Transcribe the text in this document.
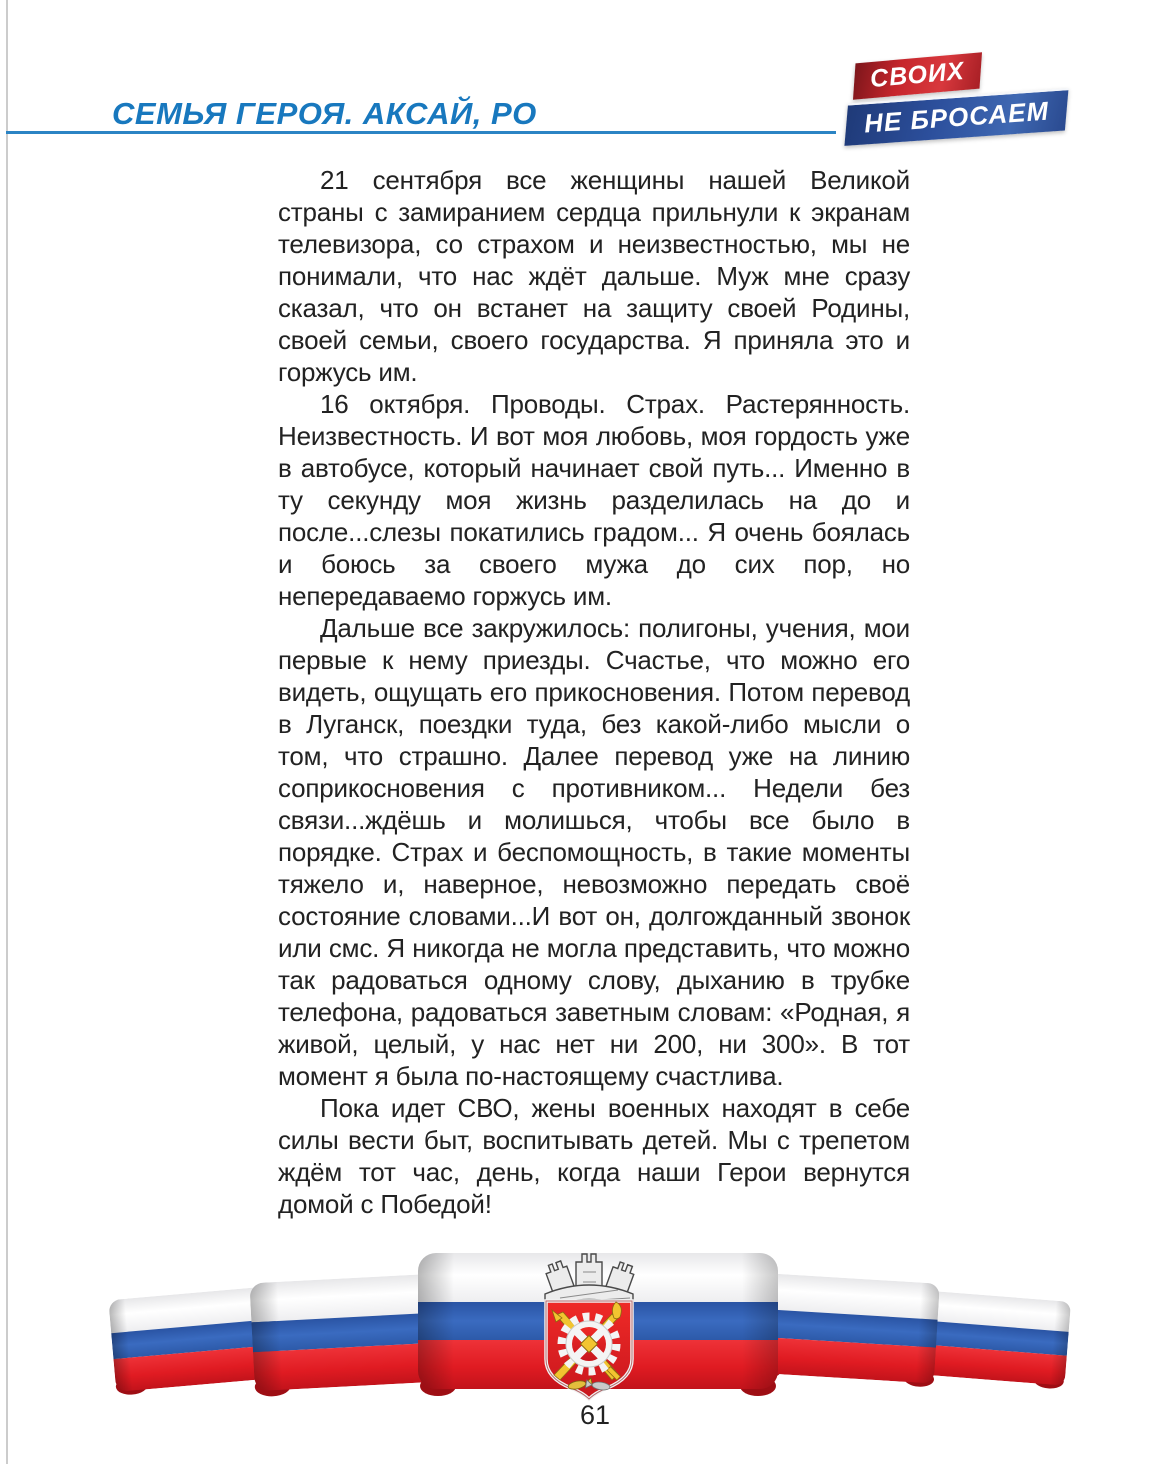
СЕМЬЯ ГЕРОЯ. АКСАЙ, РО
СВОИХ
НЕ БРОСАЕМ

21 сентября все женщины нашей Великой страны с замиранием сердца прильнули к экранам телевизора, со страхом и неизвестностью, мы не понимали, что нас ждёт дальше. Муж мне сразу сказал, что он встанет на защиту своей Родины, своей семьи, своего государства. Я приняла это и горжусь им.

16 октября. Проводы. Страх. Растерянность. Неизвестность. И вот моя любовь, моя гордость уже в автобусе, который начинает свой путь... Именно в ту секунду моя жизнь разделилась на до и после...слезы покатились градом... Я очень боялась и боюсь за своего мужа до сих пор, но непередаваемо горжусь им.

Дальше все закружилось: полигоны, учения, мои первые к нему приезды. Счастье, что можно его видеть, ощущать его прикосновения. Потом перевод в Луганск, поездки туда, без какой-либо мысли о том, что страшно. Далее перевод уже на линию соприкосновения с противником... Недели без связи...ждёшь и молишься, чтобы все было в порядке. Страх и беспомощность, в такие моменты тяжело и, наверное, невозможно передать своё состояние словами...И вот он, долгожданный звонок или смс. Я никогда не могла представить, что можно так радоваться одному слову, дыханию в трубке телефона, радоваться заветным словам: «Родная, я живой, целый, у нас нет ни 200, ни 300». В тот момент я была по-настоящему счастлива.

Пока идет СВО, жены военных находят в себе силы вести быт, воспитывать детей. Мы с трепетом ждём тот час, день, когда наши Герои вернутся домой с Победой!

61
